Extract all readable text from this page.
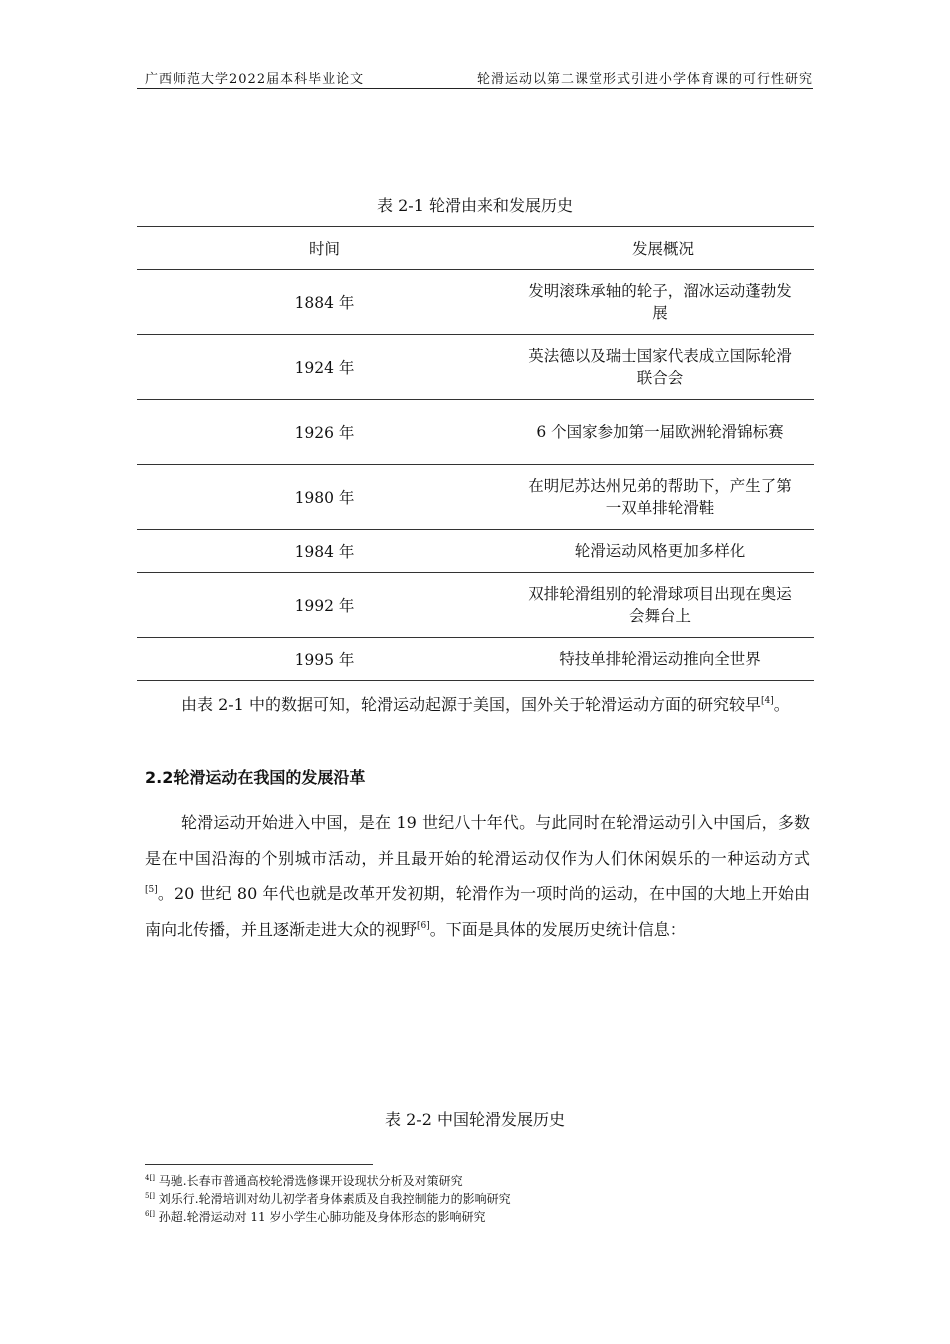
广西师范大学2022届本科毕业论文	轮滑运动以第二课堂形式引进小学体育课的可行性研究
表 2-1 轮滑由来和发展历史
时间	发展概况
1884 年	发明滚珠承轴的轮子，溜冰运动蓬勃发展
1924 年	英法德以及瑞士国家代表成立国际轮滑联合会
1926 年	6 个国家参加第一届欧洲轮滑锦标赛
1980 年	在明尼苏达州兄弟的帮助下，产生了第一双单排轮滑鞋
1984 年	轮滑运动风格更加多样化
1992 年	双排轮滑组别的轮滑球项目出现在奥运会舞台上
1995 年	特技单排轮滑运动推向全世界

由表 2-1 中的数据可知，轮滑运动起源于美国，国外关于轮滑运动方面的研究较早[4]。

2.2轮滑运动在我国的发展沿革

轮滑运动开始进入中国，是在 19 世纪八十年代。与此同时在轮滑运动引入中国后，多数是在中国沿海的个别城市活动，并且最开始的轮滑运动仅作为人们休闲娱乐的一种运动方式[5]。20 世纪 80 年代也就是改革开发初期，轮滑作为一项时尚的运动，在中国的大地上开始由南向北传播，并且逐渐走进大众的视野[6]。下面是具体的发展历史统计信息：

表 2-2 中国轮滑发展历史
$^{4[]}$ 马驰.长春市普通高校轮滑选修课开设现状分析及对策研究
$^{5[]}$ 刘乐行.轮滑培训对幼儿初学者身体素质及自我控制能力的影响研究
$^{6[]}$ 孙超.轮滑运动对 11 岁小学生心肺功能及身体形态的影响研究
